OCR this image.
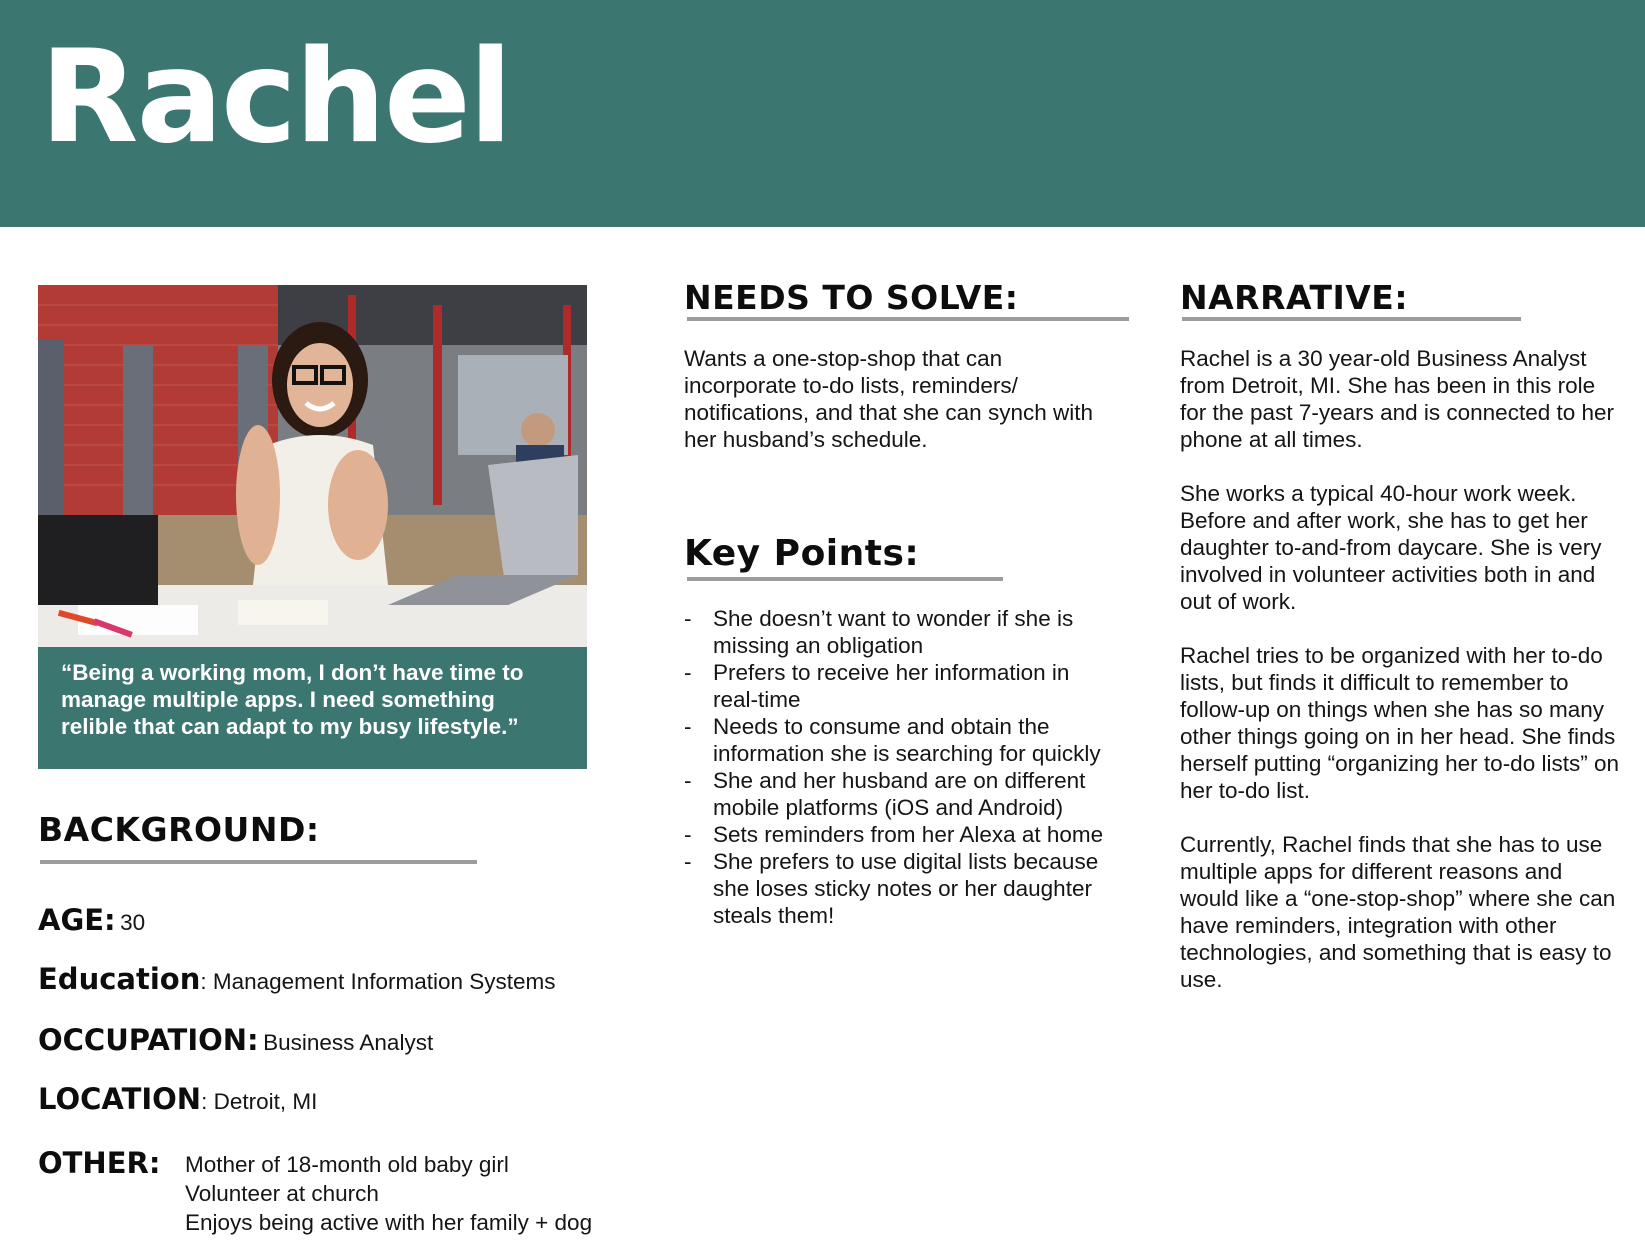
Rachel

“Being a working mom, I don’t have time to manage multiple apps. I need something relible that can adapt to my busy lifestyle.”

BACKGROUND:

AGE: 30

Education: Management Information Systems

OCCUPATION: Business Analyst

LOCATION: Detroit, MI

OTHER: Mother of 18-month old baby girl
Volunteer at church
Enjoys being active with her family + dog
NEEDS TO SOLVE:

Wants a one-stop-shop that can incorporate to-do lists, reminders/ notifications, and that she can synch with her husband’s schedule.

Key Points:
- She doesn’t want to wonder if she is missing an obligation
- Prefers to receive her information in real-time
- Needs to consume and obtain the information she is searching for quickly
- She and her husband are on different mobile platforms (iOS and Android)
- Sets reminders from her Alexa at home
- She prefers to use digital lists because she loses sticky notes or her daughter steals them!
NARRATIVE:

Rachel is a 30 year-old Business Analyst from Detroit, MI. She has been in this role for the past 7-years and is connected to her phone at all times.

She works a typical 40-hour work week. Before and after work, she has to get her daughter to-and-from daycare. She is very involved in volunteer activities both in and out of work.

Rachel tries to be organized with her to-do lists, but finds it difficult to remember to follow-up on things when she has so many other things going on in her head. She finds herself putting “organizing her to-do lists” on her to-do list.

Currently, Rachel finds that she has to use multiple apps for different reasons and would like a “one-stop-shop” where she can have reminders, integration with other technologies, and something that is easy to use.
